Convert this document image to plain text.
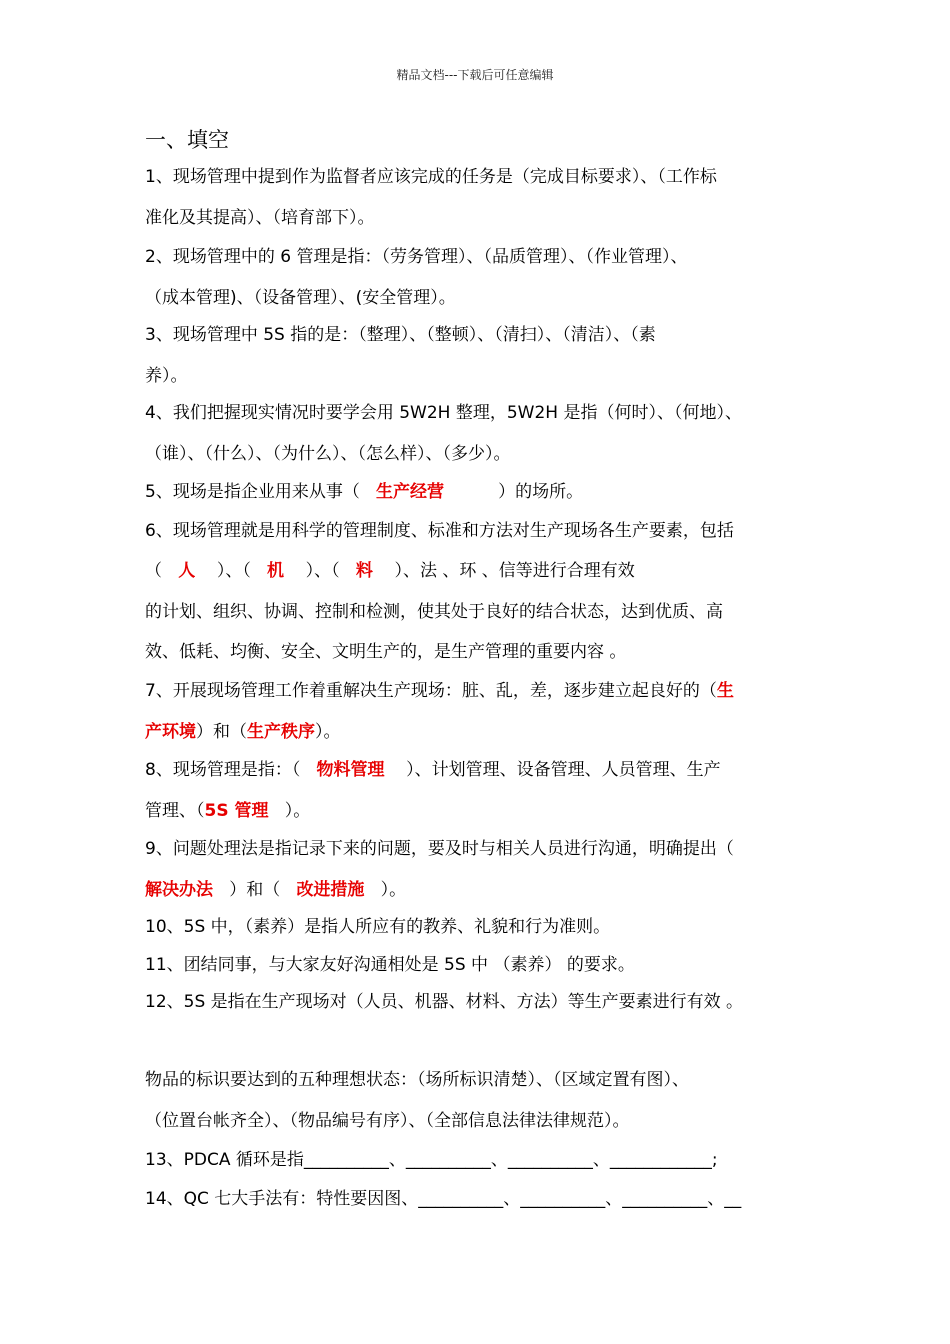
精品文档---下载后可任意编辑
一、填空
1、现场管理中提到作为监督者应该完成的任务是（完成目标要求）、（工作标
准化及其提高）、（培育部下）。
2、现场管理中的 6 管理是指：（劳务管理）、（品质管理）、（作业管理）、
（成本管理)、（设备管理）、(安全管理）。
3、现场管理中 5S 指的是：（整理）、（整顿）、（清扫）、（清洁）、（素
养）。
4、我们把握现实情况时要学会用 5W2H 整理，5W2H 是指（何时）、（何地）、
（谁）、（什么）、（为什么）、（怎么样）、（多少）。
5、现场是指企业用来从事（   生产经营          ）的场所。
6、现场管理就是用科学的管理制度、标准和方法对生产现场各生产要素，包括
（   人    ）、（   机    ）、（   料    ）、法 、环 、信等进行合理有效
的计划、组织、协调、控制和检测，使其处于良好的结合状态，达到优质、高
效、低耗、均衡、安全、文明生产的，是生产管理的重要内容 。
7、开展现场管理工作着重解决生产现场：脏、乱，差，逐步建立起良好的（生
产环境）和（生产秩序）。
8、现场管理是指：（   物料管理    ）、计划管理、设备管理、人员管理、生产
管理、（5S 管理   ）。
9、问题处理法是指记录下来的问题，要及时与相关人员进行沟通，明确提出（
解决办法   ）和（   改进措施   ）。
10、5S 中，（素养）是指人所应有的教养、礼貌和行为准则。
11、团结同事，与大家友好沟通相处是 5S 中 （素养） 的要求。
12、5S 是指在生产现场对（人员、机器、材料、方法）等生产要素进行有效 。
物品的标识要达到的五种理想状态：（场所标识清楚）、（区域定置有图）、
（位置台帐齐全）、（物品编号有序）、（全部信息法律法律规范）。
13、PDCA 循环是指__________、__________、__________、____________;
14、QC 七大手法有：特性要因图、__________、__________、__________、__
